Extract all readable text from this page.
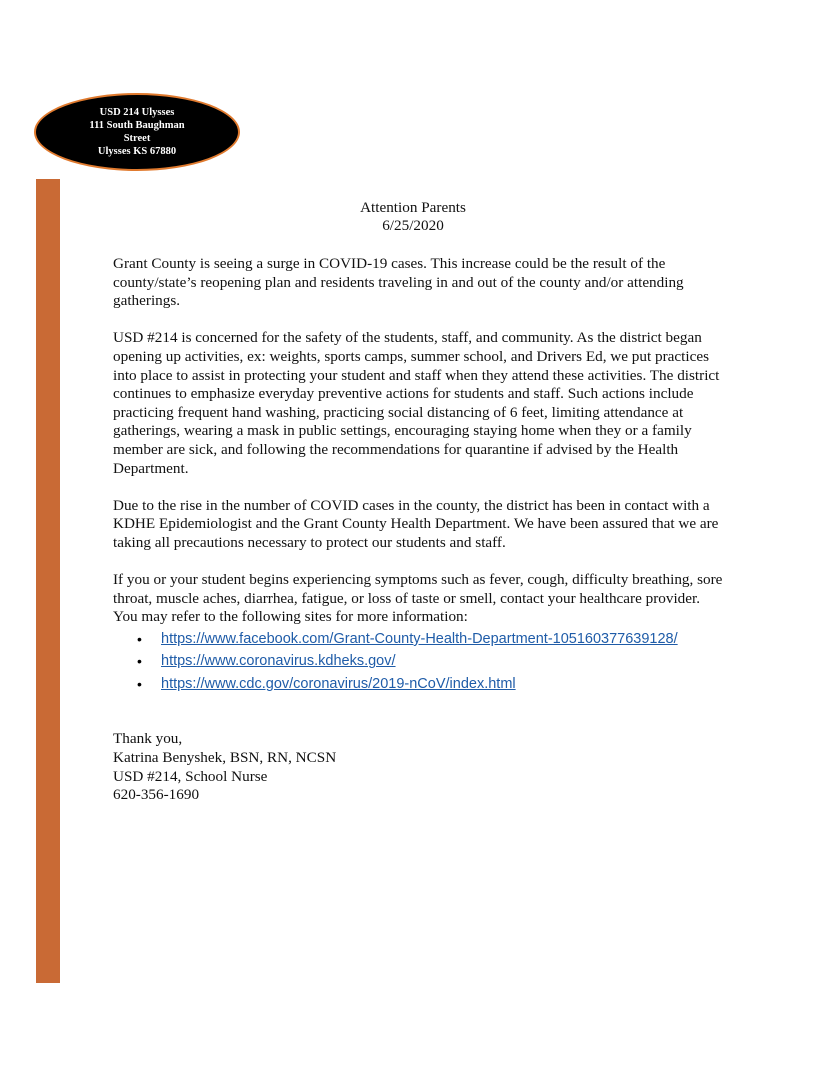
USD 214 Ulysses
111 South Baughman
Street
Ulysses KS 67880
Attention Parents
6/25/2020

Grant County is seeing a surge in COVID-19 cases. This increase could be the result of the county/state’s reopening plan and residents traveling in and out of the county and/or attending gatherings.

USD #214 is concerned for the safety of the students, staff, and community. As the district began opening up activities, ex: weights, sports camps, summer school, and Drivers Ed, we put practices into place to assist in protecting your student and staff when they attend these activities. The district continues to emphasize everyday preventive actions for students and staff. Such actions include practicing frequent hand washing, practicing social distancing of 6 feet, limiting attendance at gatherings, wearing a mask in public settings, encouraging staying home when they or a family member are sick, and following the recommendations for quarantine if advised by the Health Department.

Due to the rise in the number of COVID cases in the county, the district has been in contact with a KDHE Epidemiologist and the Grant County Health Department. We have been assured that we are taking all precautions necessary to protect our students and staff.

If you or your student begins experiencing symptoms such as fever, cough, difficulty breathing, sore throat, muscle aches, diarrhea, fatigue, or loss of taste or smell, contact your healthcare provider.

You may refer to the following sites for more information:

• https://www.facebook.com/Grant-County-Health-Department-105160377639128/
• https://www.coronavirus.kdheks.gov/
• https://www.cdc.gov/coronavirus/2019-nCoV/index.html
Thank you,
Katrina Benyshek, BSN, RN, NCSN
USD #214, School Nurse
620-356-1690
